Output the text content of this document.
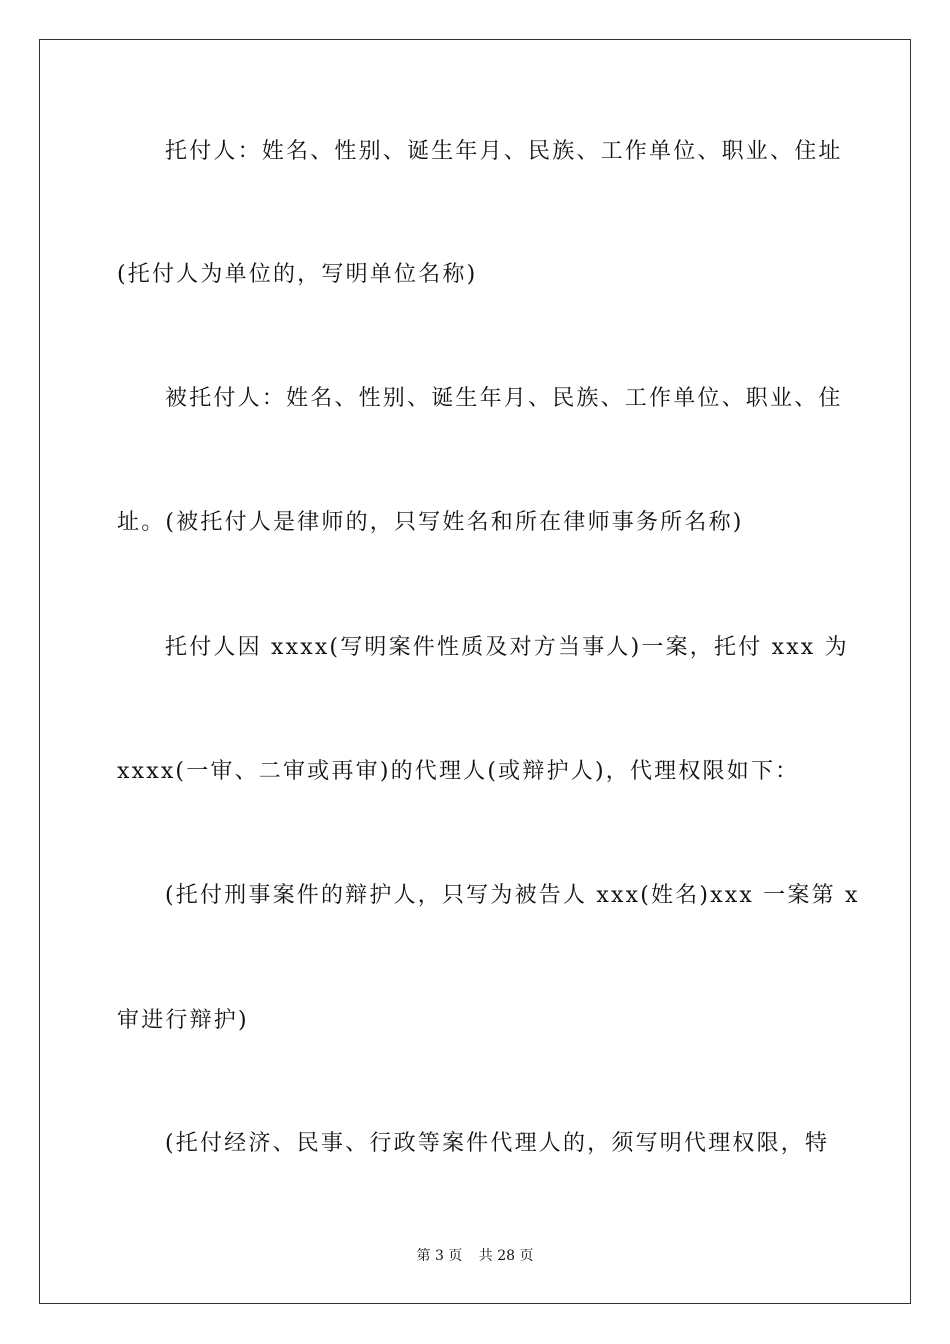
托付人：姓名、性别、诞生年月、民族、工作单位、职业、住址
(托付人为单位的，写明单位名称)
被托付人：姓名、性别、诞生年月、民族、工作单位、职业、住
址。(被托付人是律师的，只写姓名和所在律师事务所名称)
托付人因 xxxx(写明案件性质及对方当事人)一案，托付 xxx 为
xxxx(一审、二审或再审)的代理人(或辩护人)，代理权限如下：
(托付刑事案件的辩护人，只写为被告人 xxx(姓名)xxx 一案第 x
审进行辩护)
(托付经济、民事、行政等案件代理人的，须写明代理权限，特
第 3 页 共 28 页
